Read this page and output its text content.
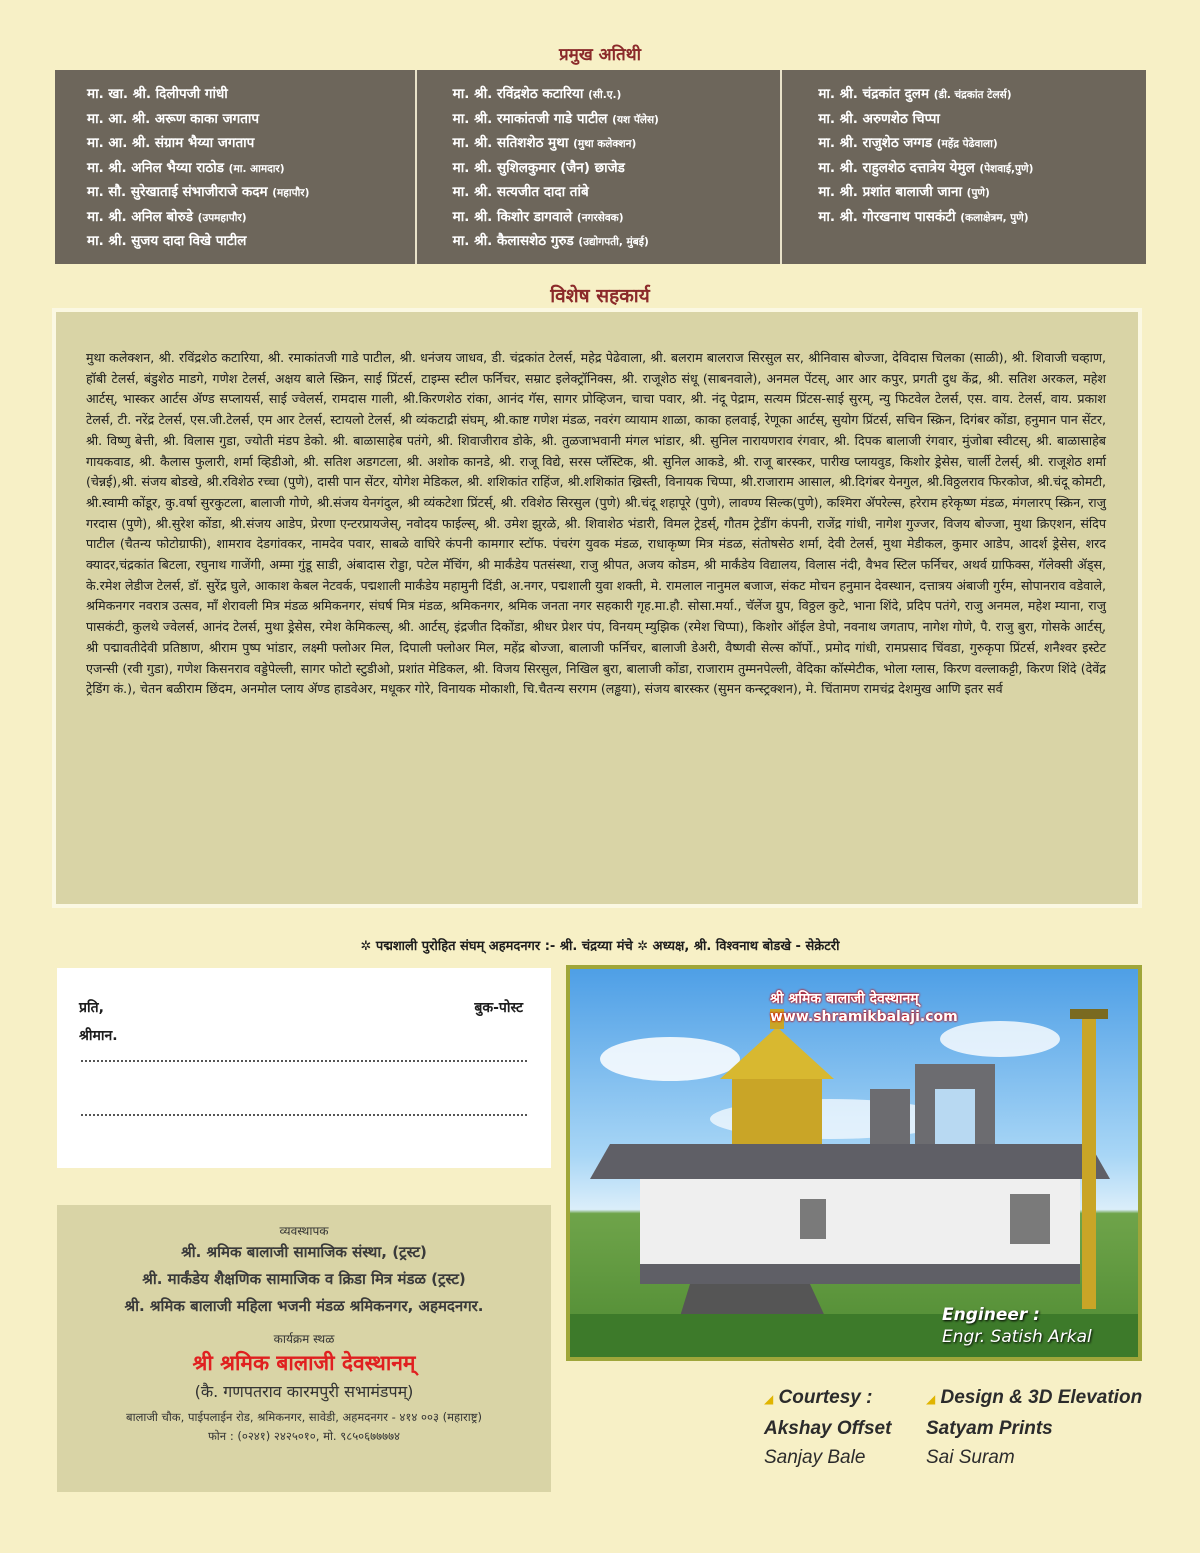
प्रमुख अतिथी
मा. खा. श्री. दिलीपजी गांधी
मा. आ. श्री. अरूण काका जगताप
मा. आ. श्री. संग्राम भैय्या जगताप
मा. श्री. अनिल भैय्या राठोड (मा. आमदार)
मा. सौ. सुरेखाताई संभाजीराजे कदम (महापौर)
मा. श्री. अनिल बोरुडे (उपमहापौर)
मा. श्री. सुजय दादा विखे पाटील
मा. श्री. रविंद्रशेठ कटारिया (सी.ए.)
मा. श्री. रमाकांतजी गाडे पाटील (यश पॅलेस)
मा. श्री. सतिशशेठ मुथा (मुथा कलेक्शन)
मा. श्री. सुशिलकुमार (जैन) छाजेड
मा. श्री. सत्यजीत दादा तांबे
मा. श्री. किशोर डागवाले (नगरसेवक)
मा. श्री. कैलासशेठ गुरुड (उद्योगपती, मुंबई)
मा. श्री. चंद्रकांत दुलम (डी. चंद्रकांत टेलर्स)
मा. श्री. अरुणशेठ चिप्पा
मा. श्री. राजुशेठ जग्गड (महेंद्र पेढेवाला)
मा. श्री. राहुलशेठ दत्तात्रेय येमुल (पेशवाई,पुणे)
मा. श्री. प्रशांत बालाजी जाना (पुणे)
मा. श्री. गोरखनाथ पासकंटी (कलाक्षेत्रम, पुणे)
विशेष सहकार्य

मुथा कलेक्शन, श्री. रविंद्रशेठ कटारिया, श्री. रमाकांतजी गाडे पाटील, श्री. धनंजय जाधव, डी. चंद्रकांत टेलर्स, महेद्र पेढेवाला, श्री. बलराम बालराज सिरसुल सर, श्रीनिवास बोज्जा, देविदास चिलका (साळी), श्री. शिवाजी चव्हाण, हॉबी टेलर्स, बंडुशेठ माडगे, गणेश टेलर्स, अक्षय बाले स्क्रिन, साई प्रिंटर्स, टाइम्स स्टील फर्निचर, सम्राट इलेक्ट्रॉनिक्स, श्री. राजूशेठ संधू (साबनवाले), अनमल पेंटस्, आर आर कपुर, प्रगती दुध केंद्र, श्री. सतिश अरकल, महेश आर्टस्, भास्कर आर्टस ॲण्ड सप्लायर्स, साई ज्वेलर्स, रामदास गाली, श्री.किरणशेठ रांका, आनंद गॅस, सागर प्रोव्हिजन, चाचा पवार, श्री. नंदू पेद्राम, सत्यम प्रिंटस-साई सुरम्, न्यु फिटवेल टेलर्स, एस. वाय. टेलर्स, वाय. प्रकाश टेलर्स, टी. नरेंद्र टेलर्स, एस.जी.टेलर्स, एम आर टेलर्स, स्टायलो टेलर्स, श्री व्यंकटाद्री संघम्, श्री.काष्ट गणेश मंडळ, नवरंग व्यायाम शाळा, काका हलवाई, रेणूका आर्टस्, सुयोग प्रिंटर्स, सचिन स्क्रिन, दिगंबर कोंडा, हनुमान पान सेंटर, श्री. विष्णु बेत्ती, श्री. विलास गुडा, ज्योती मंडप डेको. श्री. बाळासाहेब पतंगे, श्री. शिवाजीराव डोके, श्री. तुळजाभवानी मंगल भांडार, श्री. सुनिल नारायणराव रंगवार, श्री. दिपक बालाजी रंगवार, मुंजोबा स्वीटस्, श्री. बाळासाहेब गायकवाड, श्री. कैलास फुलारी, शर्मा व्हिडीओ, श्री. सतिश अडगटला, श्री. अशोक कानडे, श्री. राजू विद्ये, सरस प्लॅस्टिक, श्री. सुनिल आकडे, श्री. राजू बारस्कर, पारीख प्लायवुड, किशोर ड्रेसेस, चार्ली टेलर्स्, श्री. राजूशेठ शर्मा (चेन्नई),श्री. संजय बोडखे, श्री.रविशेठ रच्चा (पुणे), दासी पान सेंटर, योगेश मेडिकल, श्री. शशिकांत राहिंज, श्री.शशिकांत ख्रिस्ती, विनायक चिप्पा, श्री.राजाराम आसाल, श्री.दिगंबर येनगुल, श्री.विठ्ठलराव फिरकोज, श्री.चंदू कोमटी, श्री.स्वामी कोंडूर, कु.वर्षा सुरकुटला, बालाजी गोणे, श्री.संजय येनगंदुल, श्री व्यंकटेशा प्रिंटर्स्, श्री. रविशेठ सिरसुल (पुणे) श्री.चंदू शहापूरे (पुणे), लावण्य सिल्क(पुणे), कश्मिरा ॲपरेल्स, हरेराम हरेकृष्ण मंडळ, मंगलारप् स्क्रिन, राजु गरदास (पुणे), श्री.सुरेश कोंडा, श्री.संजय आडेप, प्रेरणा एन्टरप्रायजेस्, नवोदय फाईल्स्, श्री. उमेश झुरळे, श्री. शिवाशेठ भंडारी, विमल ट्रेडर्स्, गौतम ट्रेडींग कंपनी, राजेंद्र गांधी, नागेश गुज्जर, विजय बोज्जा, मुथा क्रिएशन, संदिप पाटील (चैतन्य फोटोग्राफी), शामराव देडगांवकर, नामदेव पवार, साबळे वाघिरे कंपनी कामगार स्टॉफ. पंचरंग युवक मंडळ, राधाकृष्ण मित्र मंडळ, संतोषसेठ शर्मा, देवी टेलर्स, मुथा मेडीकल, कुमार आडेप, आदर्श ड्रेसेस, शरद क्यादर,चंद्रकांत बिटला, रघुनाथ गाजेंगी, अम्मा गुंडू साडी, अंबादास रोड्डा, पटेल मॅचिंग, श्री मार्कंडेय पतसंस्था, राजु श्रीपत, अजय कोडम, श्री मार्कंडेय विद्यालय, विलास नंदी, वैभव स्टिल फर्निचर, अथर्व ग्राफिक्स, गॅलेक्सी ॲड्स, के.रमेश लेडीज टेलर्स, डॉ. सुरेंद्र घुले, आकाश केबल नेटवर्क, पद्मशाली मार्कंडेय महामुनी दिंडी, अ.नगर, पद्मशाली युवा शक्ती, मे. रामलाल नानुमल बजाज, संकट मोचन हनुमान देवस्थान, दत्तात्रय अंबाजी गुर्रम, सोपानराव वडेवाले, श्रमिकनगर नवरात्र उत्सव, माँ शेरावली मित्र मंडळ श्रमिकनगर, संघर्ष मित्र मंडळ, श्रमिकनगर, श्रमिक जनता नगर सहकारी गृह.मा.हौ. सोसा.मर्या., चॅलेंज ग्रुप, विठ्ठल कुटे, भाना शिंदे, प्रदिप पतंगे, राजु अनमल, महेश म्याना, राजु पासकंटी, कुलथे ज्वेलर्स, आनंद टेलर्स, मुथा ड्रेसेस, रमेश केमिकल्स्, श्री. आर्टस्, इंद्रजीत दिकोंडा, श्रीधर प्रेशर पंप, विनयम् म्युझिक (रमेश चिप्पा), किशोर ऑईल डेपो, नवनाथ जगताप, नागेश गोणे, पै. राजु बुरा, गोसके आर्टस्, श्री पद्मावतीदेवी प्रतिष्ठाण, श्रीराम पुष्प भांडार, लक्ष्मी फ्लोअर मिल, दिपाली फ्लोअर मिल, महेंद्र बोज्जा, बालाजी फर्निचर, बालाजी डेअरी, वैष्णवी सेल्स कॉर्पो., प्रमोद गांधी, रामप्रसाद चिंवडा, गुरुकृपा प्रिंटर्स, शनैश्वर इस्टेट एजन्सी (रवी गुडा), गणेश किसनराव वड्डेपेल्ली, सागर फोटो स्टुडीओ, प्रशांत मेडिकल, श्री. विजय सिरसुल, निखिल बुरा, बालाजी कोंडा, राजाराम तुम्मनपेल्ली, वेदिका कॉस्मेटीक, भोला ग्लास, किरण वल्लाकट्टी, किरण शिंदे (देवेंद्र ट्रेडिंग कं.), चेतन बळीराम छिंदम, अनमोल प्लाय ॲण्ड हाडवेअर, मधूकर गोरे, विनायक मोकाशी, चि.चैतन्य सरगम (लड्ढया), संजय बारस्कर (सुमन कन्स्ट्रक्शन), मे. चिंतामण रामचंद्र देशमुख आणि इतर सर्व

✲ पद्मशाली पुरोहित संघम् अहमदनगर :- श्री. चंद्रय्या मंचे ✲ अध्यक्ष, श्री. विश्वनाथ बोडखे - सेक्रेटरी
प्रति,
श्रीमान.
बुक-पोस्ट
श्री श्रमिक बालाजी देवस्थानम्
www.shramikbalaji.com
Engineer :
Engr. Satish Arkal
व्यवस्थापक
श्री. श्रमिक बालाजी सामाजिक संस्था, (ट्रस्ट)
श्री. मार्कंडेय शैक्षणिक सामाजिक व क्रिडा मित्र मंडळ (ट्रस्ट)
श्री. श्रमिक बालाजी महिला भजनी मंडळ श्रमिकनगर, अहमदनगर.
कार्यक्रम स्थळ
श्री श्रमिक बालाजी देवस्थानम्
(कै. गणपतराव कारमपुरी सभामंडपम्)
बालाजी चौक, पाईपलाईन रोड, श्रमिकनगर, सावेडी, अहमदनगर - ४१४ ००३ (महाराष्ट्र)
फोन : (०२४१) २४२५०१०, मो. ९८५०६७७७७४
◢ Courtesy :
Akshay Offset
Sanjay Bale
◢ Design & 3D Elevation
Satyam Prints
Sai Suram
